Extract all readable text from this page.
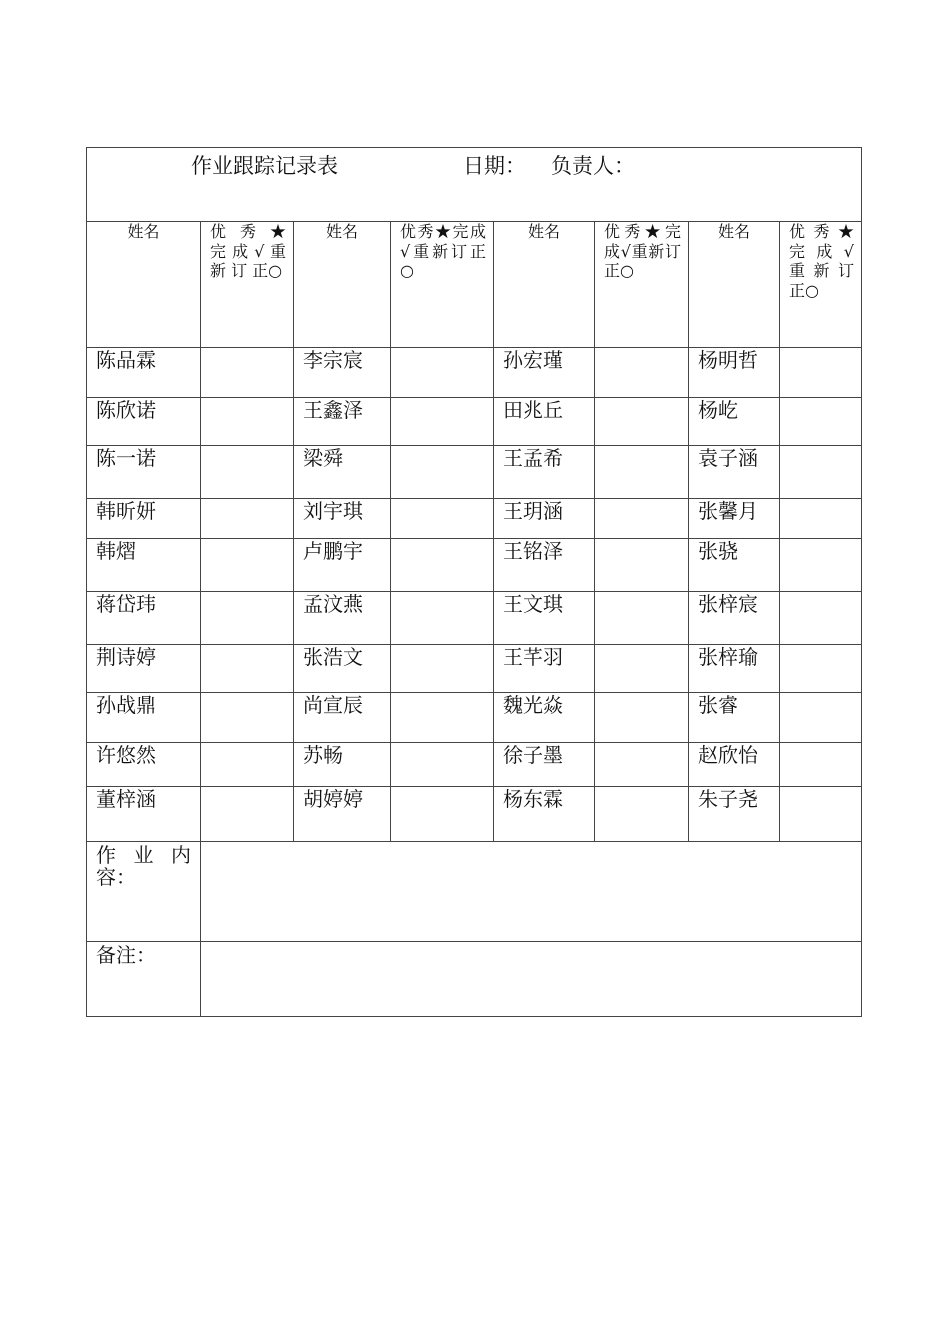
作业跟踪记录表 日期： 负责人：							

姓名	优 秀 ★ 完 成 √ 重 新 订 正○	姓名	优秀★完成√重新订正○	姓名	优秀★完成√重新订正○	姓名	优 秀 ★ 完 成 √ 重 新 订 正○
陈品霖		李宗宸		孙宏瑾		杨明哲	
陈欣诺		王鑫泽		田兆丘		杨屹	
陈一诺		梁舜		王孟希		袁子涵	
韩昕妍		刘宇琪		王玥涵		张馨月	
韩熠		卢鹏宇		王铭泽		张骁	
蒋岱玮		孟汶燕		王文琪		张梓宸	
荆诗婷		张浩文		王芊羽		张梓瑜	
孙战鼎		尚宣辰		魏光焱		张睿	
许悠然		苏畅		徐子墨		赵欣怡	
董梓涵		胡婷婷		杨东霖		朱子尧	
作 业 内 容：							
备注：							
